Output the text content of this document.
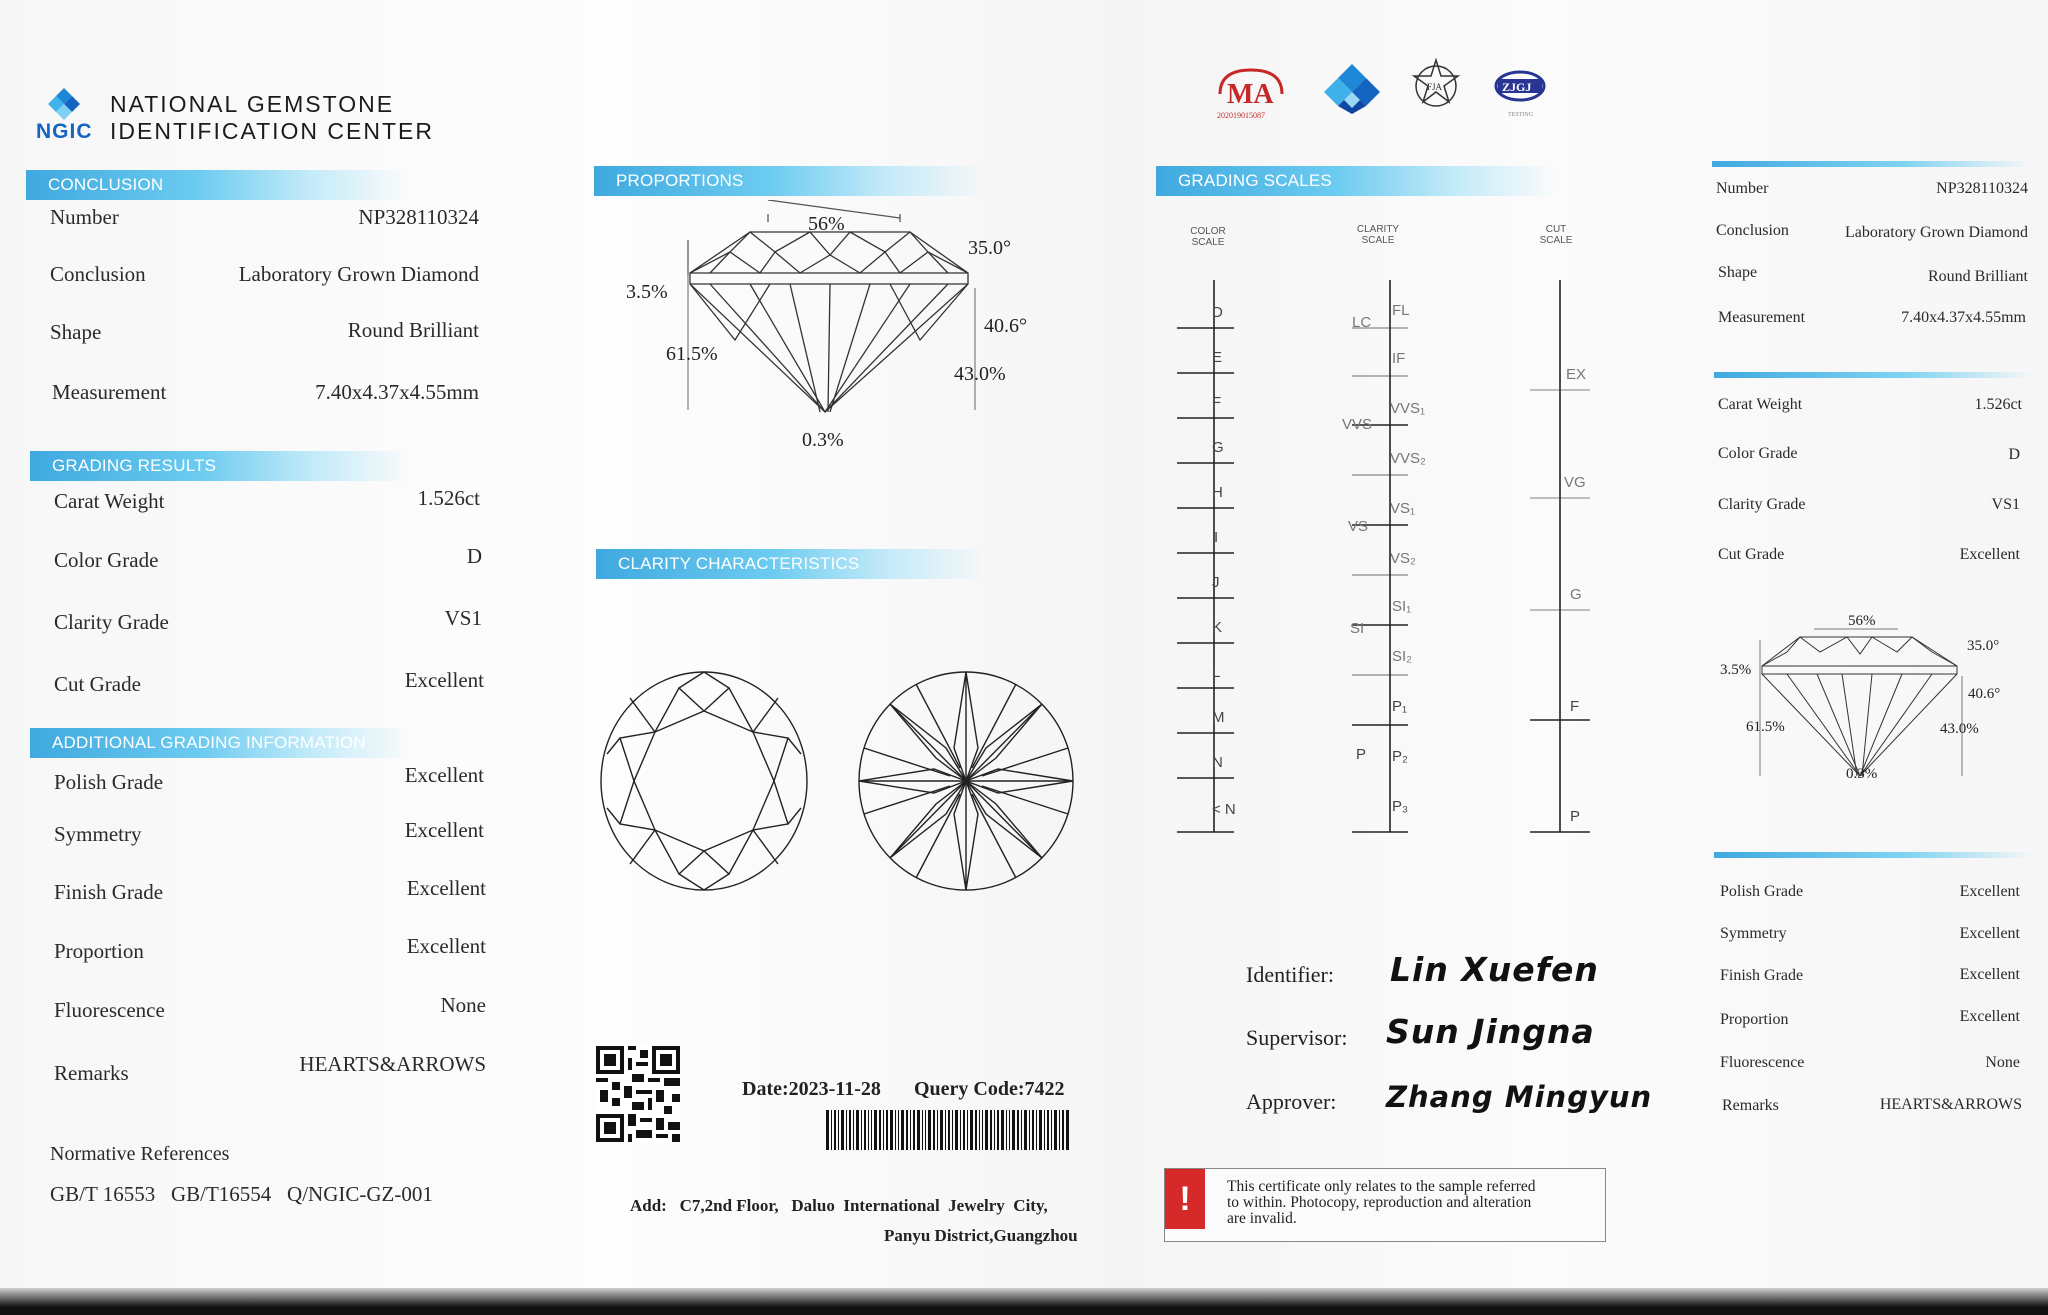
NGIC
NATIONAL GEMSTONE
IDENTIFICATION CENTER
CONCLUSION
Number	NP328110324
Conclusion	Laboratory Grown Diamond
Shape	Round Brilliant
Measurement	7.40x4.37x4.55mm
GRADING RESULTS
Carat Weight	1.526ct
Color Grade	D
Clarity Grade	VS1
Cut Grade	Excellent
ADDITIONAL GRADING INFORMATION
Polish Grade	Excellent
Symmetry	Excellent
Finish Grade	Excellent
Proportion	Excellent
Fluorescence	None
Remarks	HEARTS&ARROWS
Normative References
GB/T 16553   GB/T16554   Q/NGIC-GZ-001
PROPORTIONS
56%
35.0°
3.5%
40.6°
61.5%
43.0%
0.3%
CLARITY CHARACTERISTICS
Date:2023-11-28 Query Code:7422
Add:   C7,2nd Floor,   Daluo  International  Jewelry  City,
Panyu District,Guangzhou
MA
202019015087
FJA	ZJGJ
TESTING
GRADING SCALES
COLOR
SCALE
CLARITY
SCALE
CUT
SCALE
D
E
F
G
H
I
J
K
L
M
N
< N
LC
VVS
VS
SI
P
FL
IF
VVS₁
VVS₂
VS₁
VS₂
SI₁
SI₂
P₁
P₂
P₃
EX
VG
G
F
P
Identifier: Lin Xuefen
Supervisor: Sun Jingna
Approver: Zhang Mingyun
!	This certificate only relates to the sample referred
to within. Photocopy, reproduction and alteration
are invalid.
Number	NP328110324
Conclusion	Laboratory Grown Diamond
Shape	Round Brilliant
Measurement	7.40x4.37x4.55mm
Carat Weight	1.526ct
Color Grade	D
Clarity Grade	VS1
Cut Grade	Excellent
56%
35.0°
3.5%
40.6°
61.5%	43.0%
0.3%
Polish Grade	Excellent
Symmetry	Excellent
Finish Grade	Excellent
Proportion	Excellent
Fluorescence	None
Remarks	HEARTS&ARROWS
